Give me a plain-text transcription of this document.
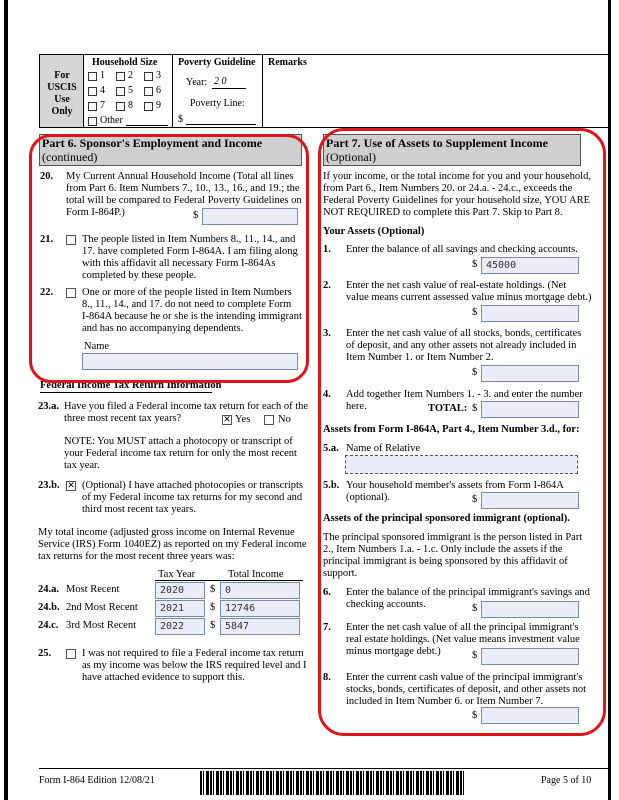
For USCIS Use Only
Household Size
1 2 3
4 5 6
7 8 9
Other
Poverty Guideline
Year: 2 0
Poverty Line:
$
Remarks
Part 6. Sponsor's Employment and Income
(continued)
20. My Current Annual Household Income (Total all lines
from Part 6. Item Numbers 7., 10., 13., 16., and 19.; the
total will be compared to Federal Poverty Guidelines on
Form I-864P.)	$
21.	The people listed in Item Numbers 8., 11., 14., and
17. have completed Form I-864A. I am filing along
with this affidavit all necessary Form I-864As
completed by these people.
22.	One or more of the people listed in Item Numbers
8., 11., 14., and 17. do not need to complete Form
I-864A because he or she is the intending immigrant
and has no accompanying dependents.
Name
Federal Income Tax Return Information
23.a. Have you filed a Federal income tax return for each of the
three most recent tax years?	✕ Yes	No
NOTE: You MUST attach a photocopy or transcript of
your Federal income tax return for only the most recent
tax year.
23.b. ✕ (Optional) I have attached photocopies or transcripts
of my Federal income tax returns for my second and
third most recent tax years.
My total income (adjusted gross income on Internal Revenue
Service (IRS) Form 1040EZ) as reported on my Federal income
tax returns for the most recent three years was:
Tax Year	Total Income
24.a. Most Recent	2020	$ 0
24.b. 2nd Most Recent	2021	$ 12746
24.c. 3rd Most Recent	2022	$ 5847
25.	I was not required to file a Federal income tax return
as my income was below the IRS required level and I
have attached evidence to support this.
Part 7. Use of Assets to Supplement Income
(Optional)
If your income, or the total income for you and your household,
from Part 6., Item Numbers 20. or 24.a. - 24.c., exceeds the
Federal Poverty Guidelines for your household size, YOU ARE
NOT REQUIRED to complete this Part 7. Skip to Part 8.
Your Assets (Optional)
1. Enter the balance of all savings and checking accounts.
$ 45000
2. Enter the net cash value of real-estate holdings. (Net
value means current assessed value minus mortgage debt.)
$
3. Enter the net cash value of all stocks, bonds, certificates
of deposit, and any other assets not already included in
Item Number 1. or Item Number 2.
$
4. Add together Item Numbers 1. - 3. and enter the number
here.	TOTAL: $
Assets from Form I-864A, Part 4., Item Number 3.d., for:
5.a. Name of Relative
5.b. Your household member's assets from Form I-864A
(optional).	$
Assets of the principal sponsored immigrant (optional).
The principal sponsored immigrant is the person listed in Part
2., Item Numbers 1.a. - 1.c. Only include the assets if the
principal immigrant is being sponsored by this affidavit of
support.
6. Enter the balance of the principal immigrant's savings and
checking accounts.	$
7. Enter the net cash value of all the principal immigrant's
real estate holdings. (Net value means investment value
minus mortgage debt.)	$
8. Enter the current cash value of the principal immigrant's
stocks, bonds, certificates of deposit, and other assets not
included in Item Number 6. or Item Number 7.
$
Form I-864 Edition 12/08/21	Page 5 of 10
